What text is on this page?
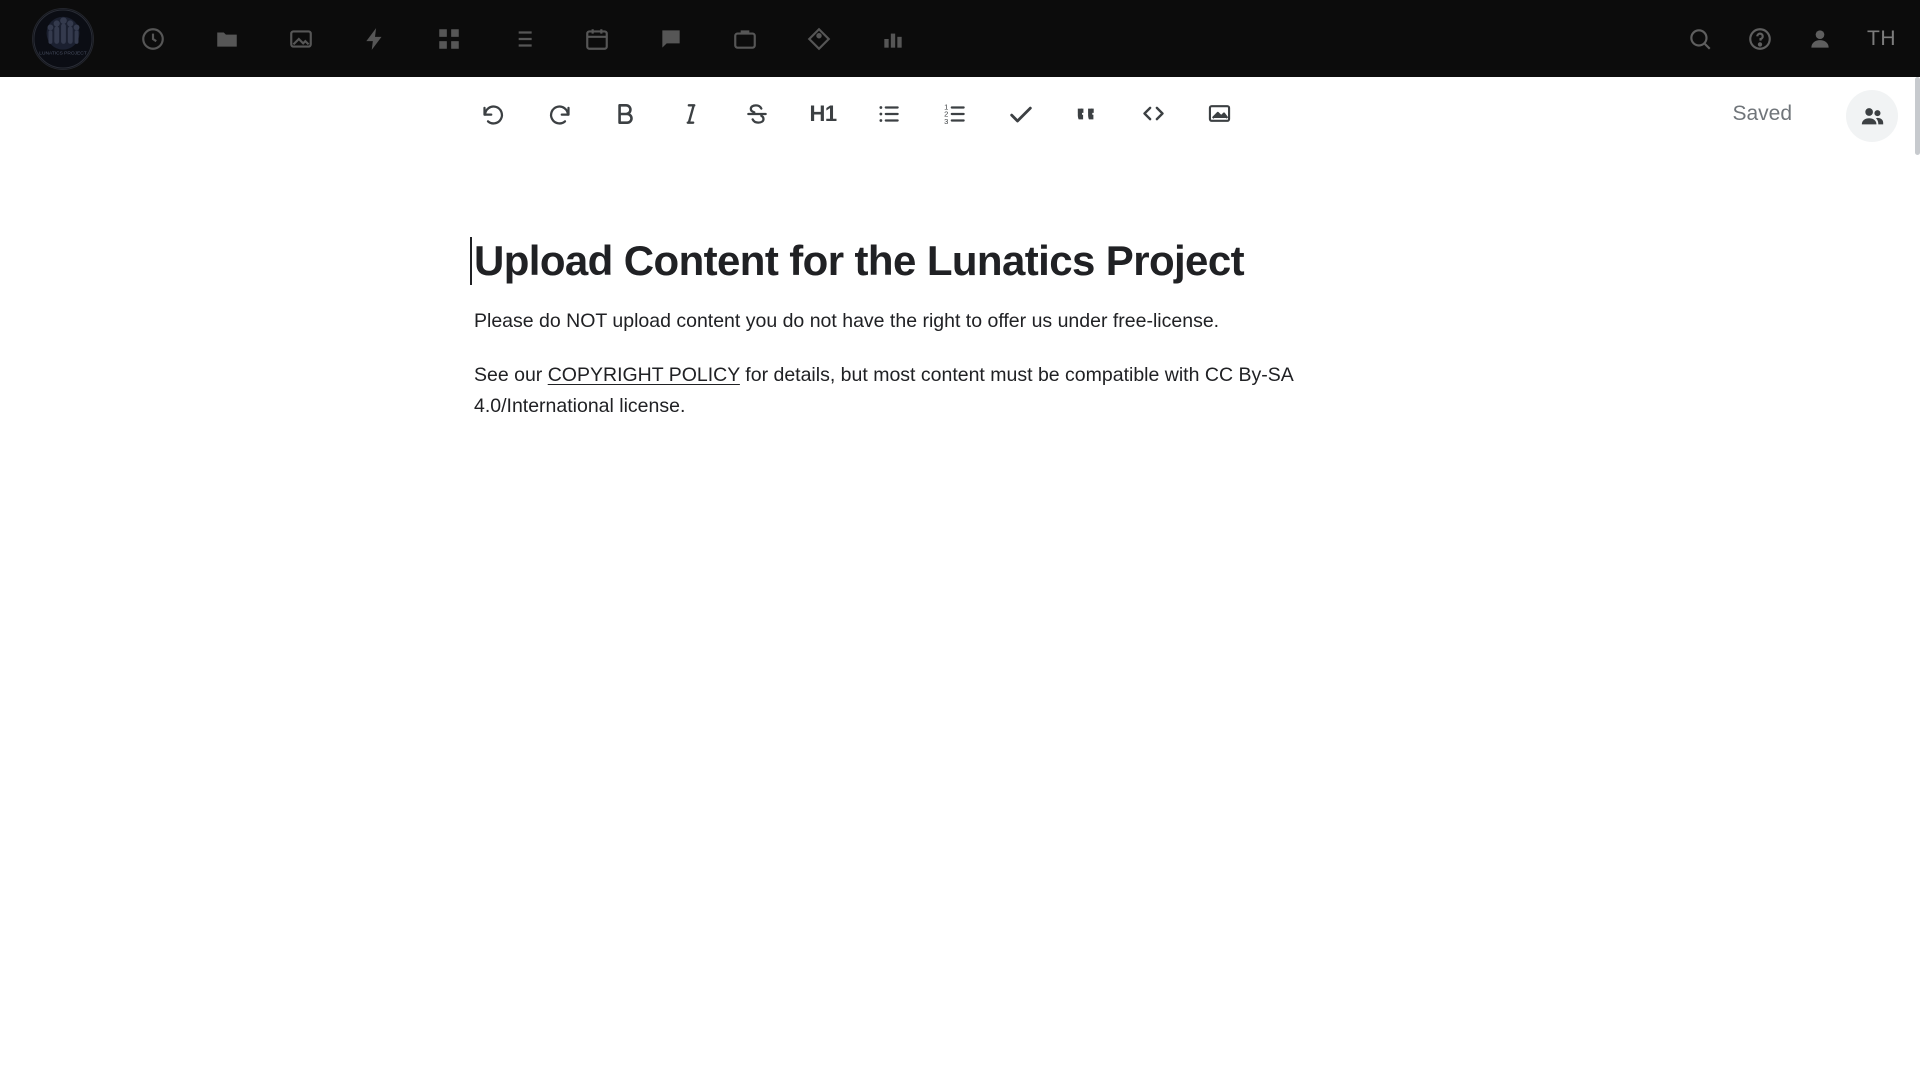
LUNATICS PROJECT
TH
H1	1
2
3	Saved
Upload Content for the Lunatics Project

Please do NOT upload content you do not have the right to offer us under free-license.

See our COPYRIGHT POLICY for details, but most content must be compatible with CC By-SA 4.0/International license.
